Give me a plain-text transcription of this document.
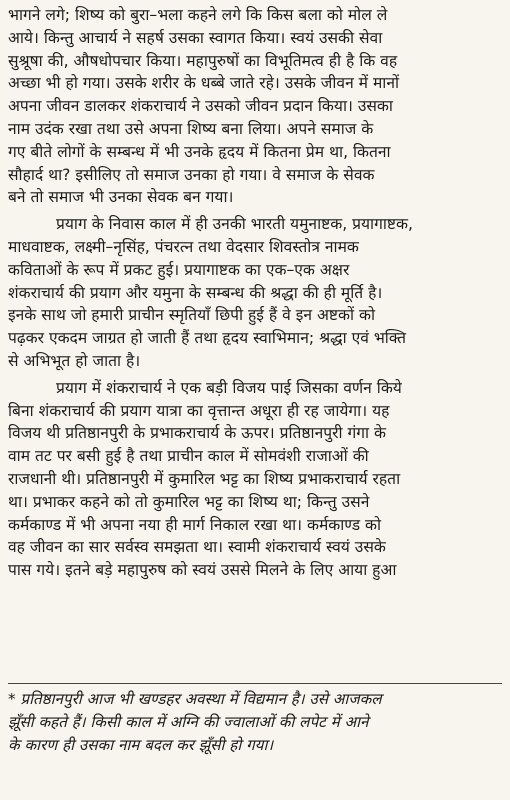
भागने लगे; शिष्य को बुरा–भला कहने लगे कि किस बला को मोल ले
आये। किन्तु आचार्य ने सहर्ष उसका स्वागत किया। स्वयं उसकी सेवा
सुश्रूषा की, औषधोपचार किया। महापुरुषों का विभूतिमत्व ही है कि वह
अच्छा भी हो गया। उसके शरीर के धब्बे जाते रहे। उसके जीवन में मानों
अपना जीवन डालकर शंकराचार्य ने उसको जीवन प्रदान किया। उसका
नाम उदंक रखा तथा उसे अपना शिष्य बना लिया। अपने समाज के
गए बीते लोगों के सम्बन्ध में भी उनके हृदय में कितना प्रेम था, कितना
सौहार्द था? इसीलिए तो समाज उनका हो गया। वे समाज के सेवक
बने तो समाज भी उनका सेवक बन गया।
प्रयाग के निवास काल में ही उनकी भारती यमुनाष्टक, प्रयागाष्टक,
माधवाष्टक, लक्ष्मी–नृसिंह, पंचरत्न तथा वेदसार शिवस्तोत्र नामक
कविताओं के रूप में प्रकट हुई। प्रयागाष्टक का एक–एक अक्षर
शंकराचार्य की प्रयाग और यमुना के सम्बन्ध की श्रद्धा की ही मूर्ति है।
इनके साथ जो हमारी प्राचीन स्मृतियाँ छिपी हुई हैं वे इन अष्टकों को
पढ़कर एकदम जाग्रत हो जाती हैं तथा हृदय स्वाभिमान; श्रद्धा एवं भक्ति
से अभिभूत हो जाता है।
प्रयाग में शंकराचार्य ने एक बड़ी विजय पाई जिसका वर्णन किये
बिना शंकराचार्य की प्रयाग यात्रा का वृत्तान्त अधूरा ही रह जायेगा। यह
विजय थी प्रतिष्ठानपुरी के प्रभाकराचार्य के ऊपर। प्रतिष्ठानपुरी गंगा के
वाम तट पर बसी हुई है तथा प्राचीन काल में सोमवंशी राजाओं की
राजधानी थी। प्रतिष्ठानपुरी में कुमारिल भट्ट का शिष्य प्रभाकराचार्य रहता
था। प्रभाकर कहने को तो कुमारिल भट्ट का शिष्य था; किन्तु उसने
कर्मकाण्ड में भी अपना नया ही मार्ग निकाल रखा था। कर्मकाण्ड को
वह जीवन का सार सर्वस्व समझता था। स्वामी शंकराचार्य स्वयं उसके
पास गये। इतने बड़े महापुरुष को स्वयं उससे मिलने के लिए आया हुआ
* प्रतिष्ठानपुरी आज भी खण्डहर अवस्था में विद्यमान है। उसे आजकल
झूँसी कहते हैं। किसी काल में अग्नि की ज्वालाओं की लपेट में आने
के कारण ही उसका नाम बदल कर झूँसी हो गया।
